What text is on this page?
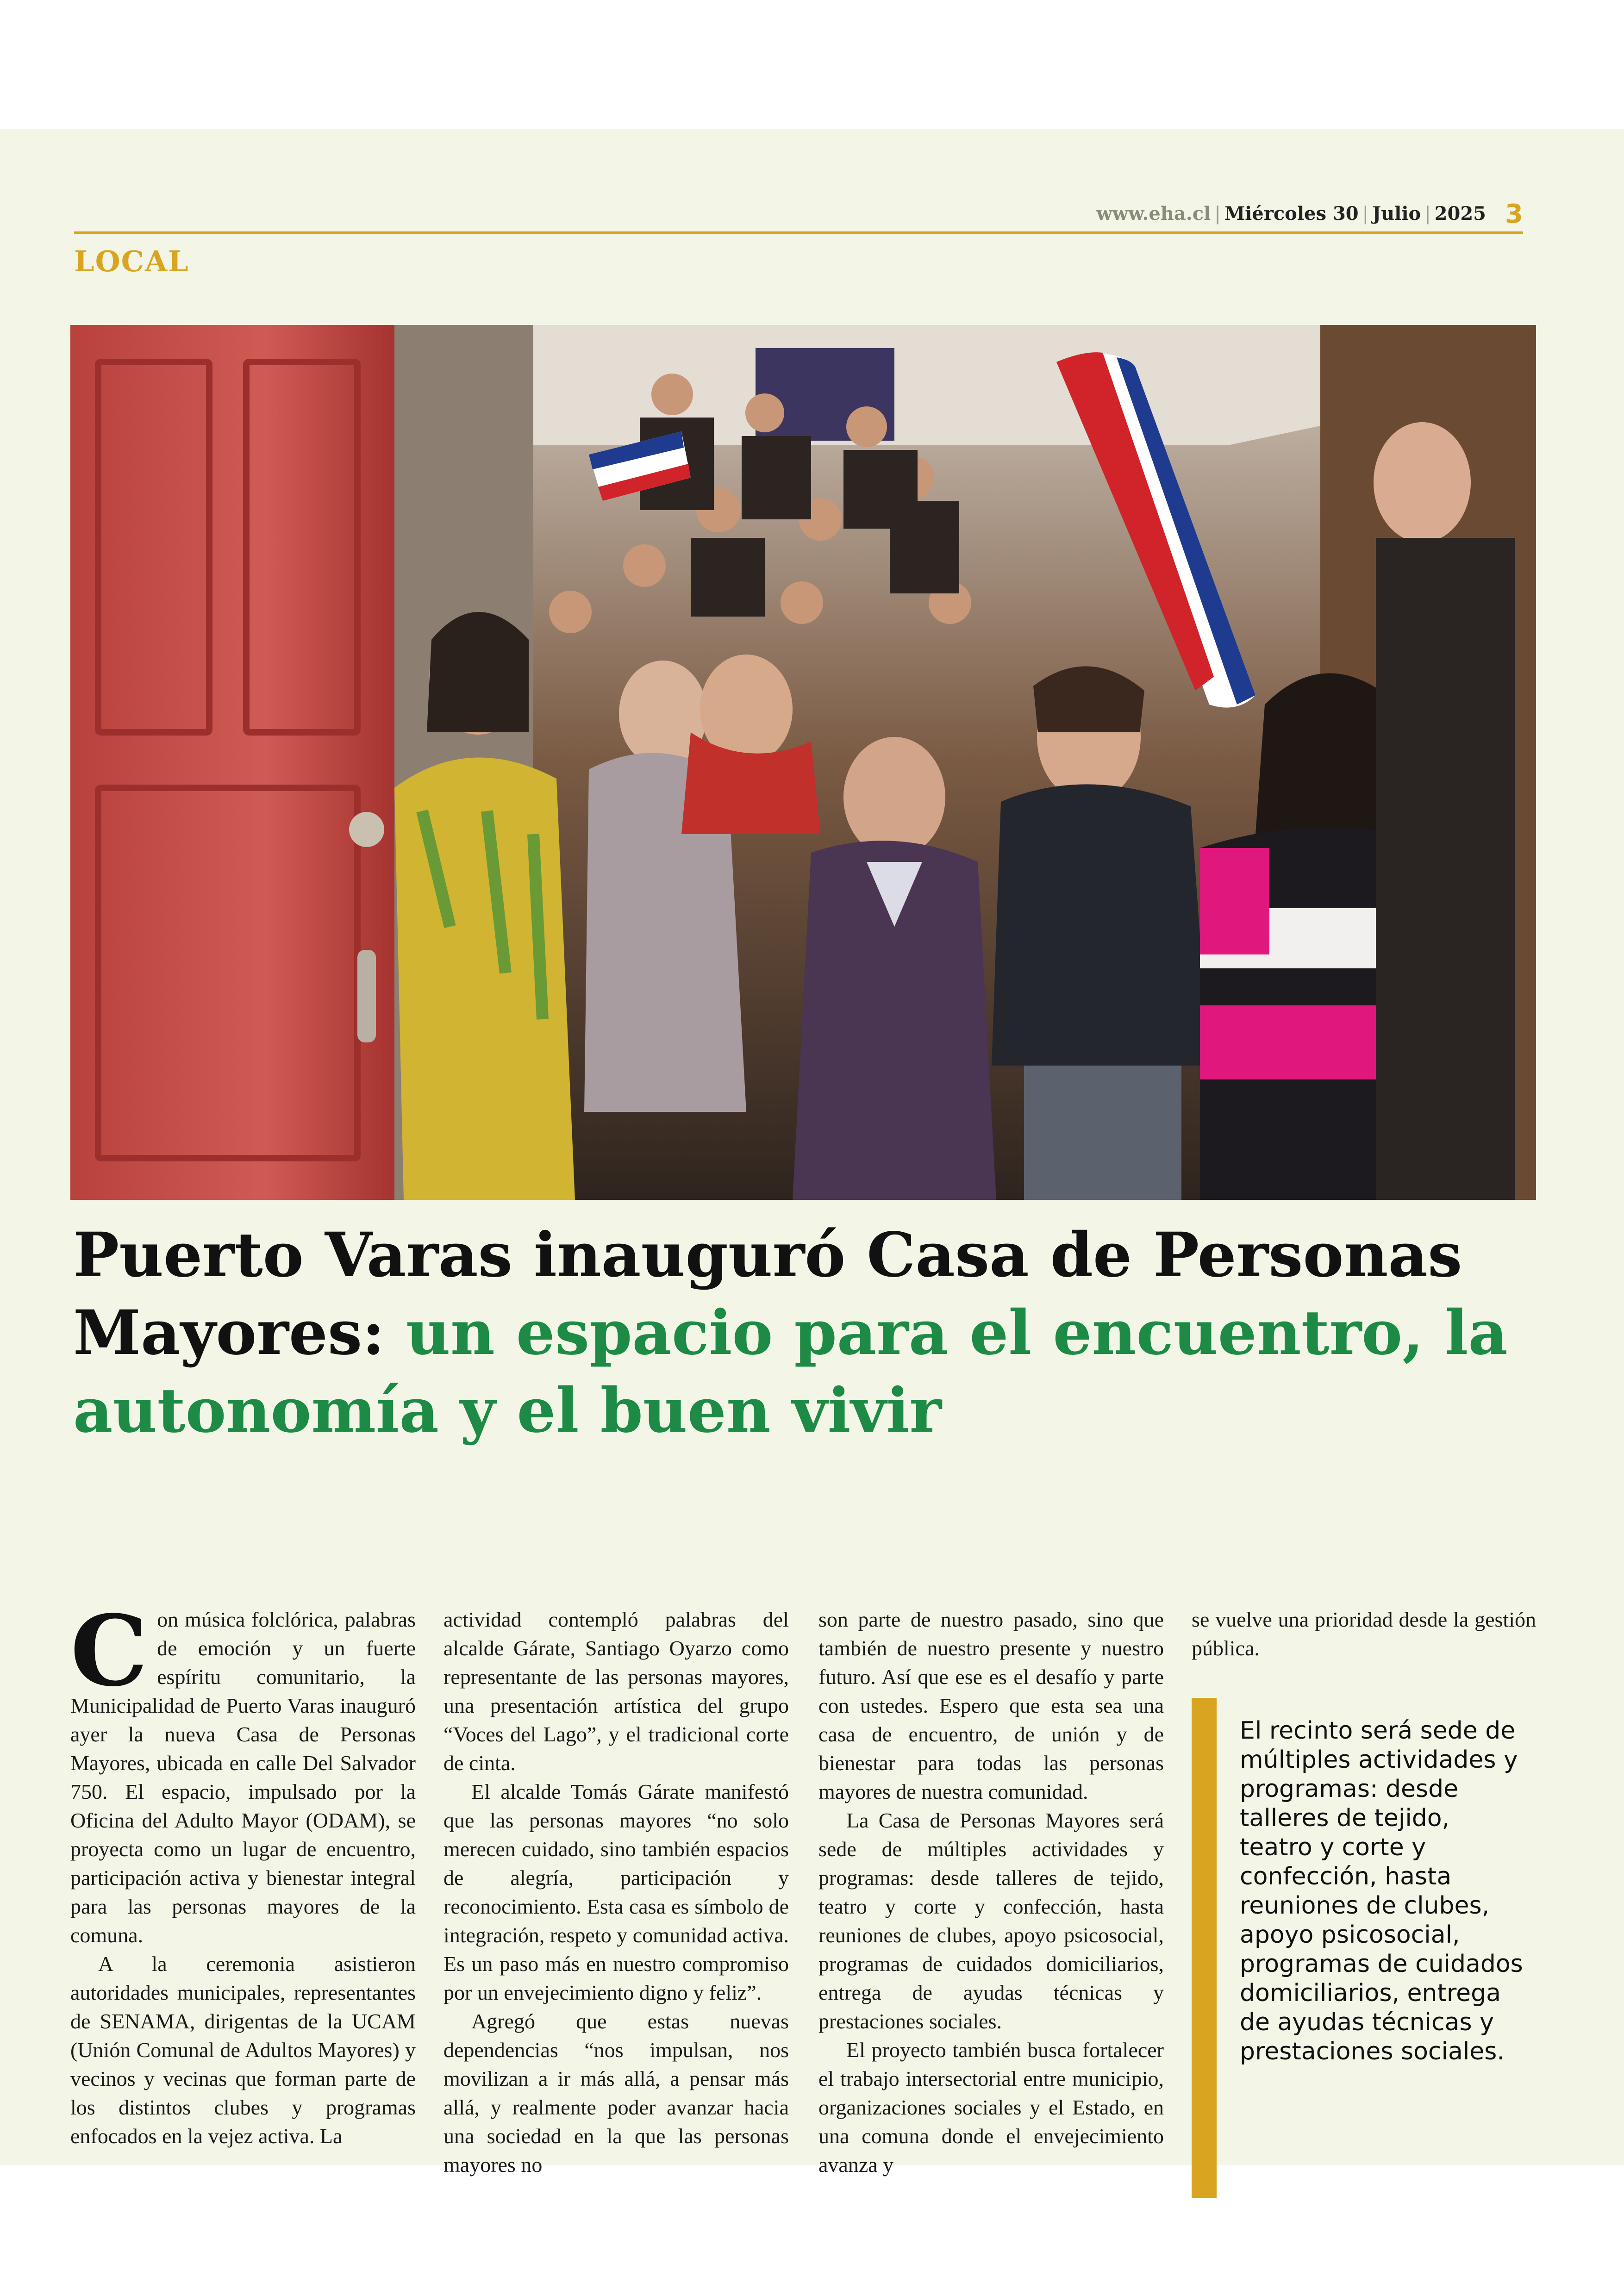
www.eha.cl | Miércoles 30 | Julio | 2025 3
LOCAL
Puerto Varas inauguró Casa de Personas Mayores: un espacio para el encuentro, la autonomía y el buen vivir
C on música folclórica, palabras de emoción y un fuerte espíritu comunitario, la Municipalidad de Puerto Varas inauguró ayer la nueva Casa de Personas Mayores, ubicada en calle Del Salvador 750. El espacio, impulsado por la Oficina del Adulto Mayor (ODAM), se proyecta como un lugar de encuentro, participación activa y bienestar integral para las personas mayores de la comuna.

A la ceremonia asistieron autoridades municipales, representantes de SENAMA, dirigentas de la UCAM (Unión Comunal de Adultos Mayores) y vecinos y vecinas que forman parte de los distintos clubes y programas enfocados en la vejez activa. La

actividad contempló palabras del alcalde Gárate, Santiago Oyarzo como representante de las personas mayores, una presentación artística del grupo “Voces del Lago”, y el tradicional corte de cinta.

El alcalde Tomás Gárate manifestó que las personas mayores “no solo merecen cuidado, sino también espacios de alegría, participación y reconocimiento. Esta casa es símbolo de integración, respeto y comunidad activa. Es un paso más en nuestro compromiso por un envejecimiento digno y feliz”.

Agregó que estas nuevas dependencias “nos impulsan, nos movilizan a ir más allá, a pensar más allá, y realmente poder avanzar hacia una sociedad en la que las personas mayores no

son parte de nuestro pasado, sino que también de nuestro presente y nuestro futuro. Así que ese es el desafío y parte con ustedes. Espero que esta sea una casa de encuentro, de unión y de bienestar para todas las personas mayores de nuestra comunidad.

La Casa de Personas Mayores será sede de múltiples actividades y programas: desde talleres de tejido, teatro y corte y confección, hasta reuniones de clubes, apoyo psicosocial, programas de cuidados domiciliarios, entrega de ayudas técnicas y prestaciones sociales.

El proyecto también busca fortalecer el trabajo intersectorial entre municipio, organizaciones sociales y el Estado, en una comuna donde el envejecimiento avanza y

se vuelve una prioridad desde la gestión pública.

El recinto será sede de múltiples actividades y programas: desde talleres de tejido, teatro y corte y confección, hasta reuniones de clubes, apoyo psicosocial, programas de cuidados domiciliarios, entrega de ayudas técnicas y prestaciones sociales.
